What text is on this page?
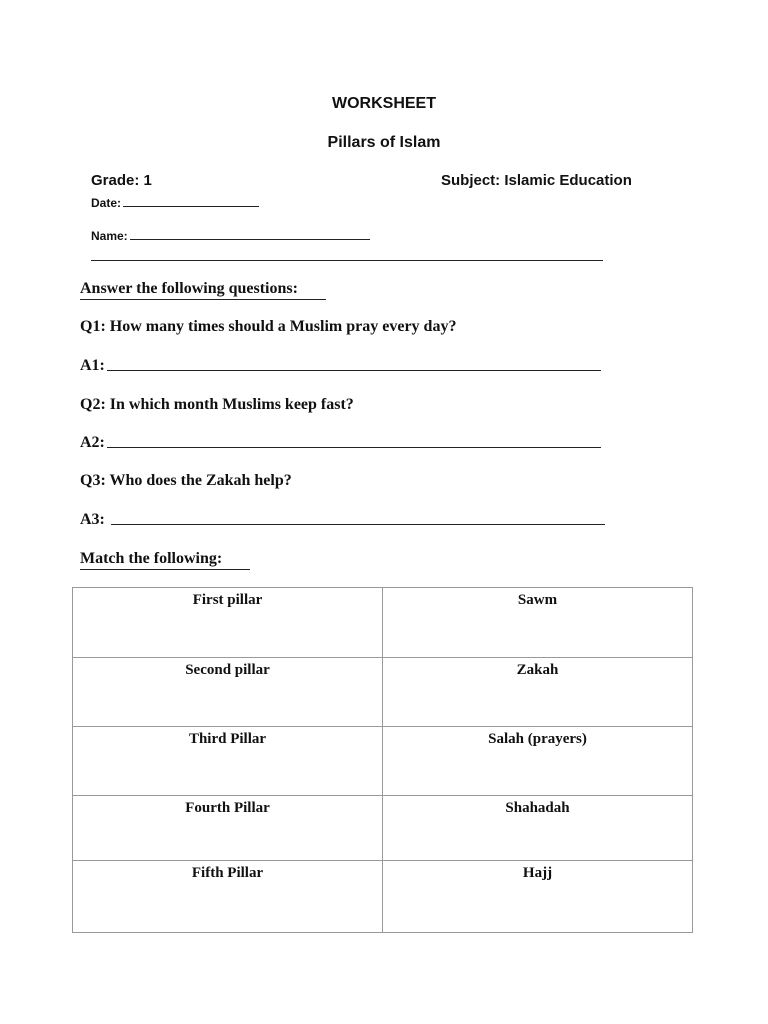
WORKSHEET
Pillars of Islam
Grade: 1	Subject: Islamic Education
Date:
Name:
Answer the following questions:
Q1: How many times should a Muslim pray every day?
A1:
Q2: In which month Muslims keep fast?
A2:
Q3: Who does the Zakah help?
A3:
Match the following:
First pillar	Sawm
Second pillar	Zakah
Third Pillar	Salah (prayers)
Fourth Pillar	Shahadah
Fifth Pillar	Hajj
